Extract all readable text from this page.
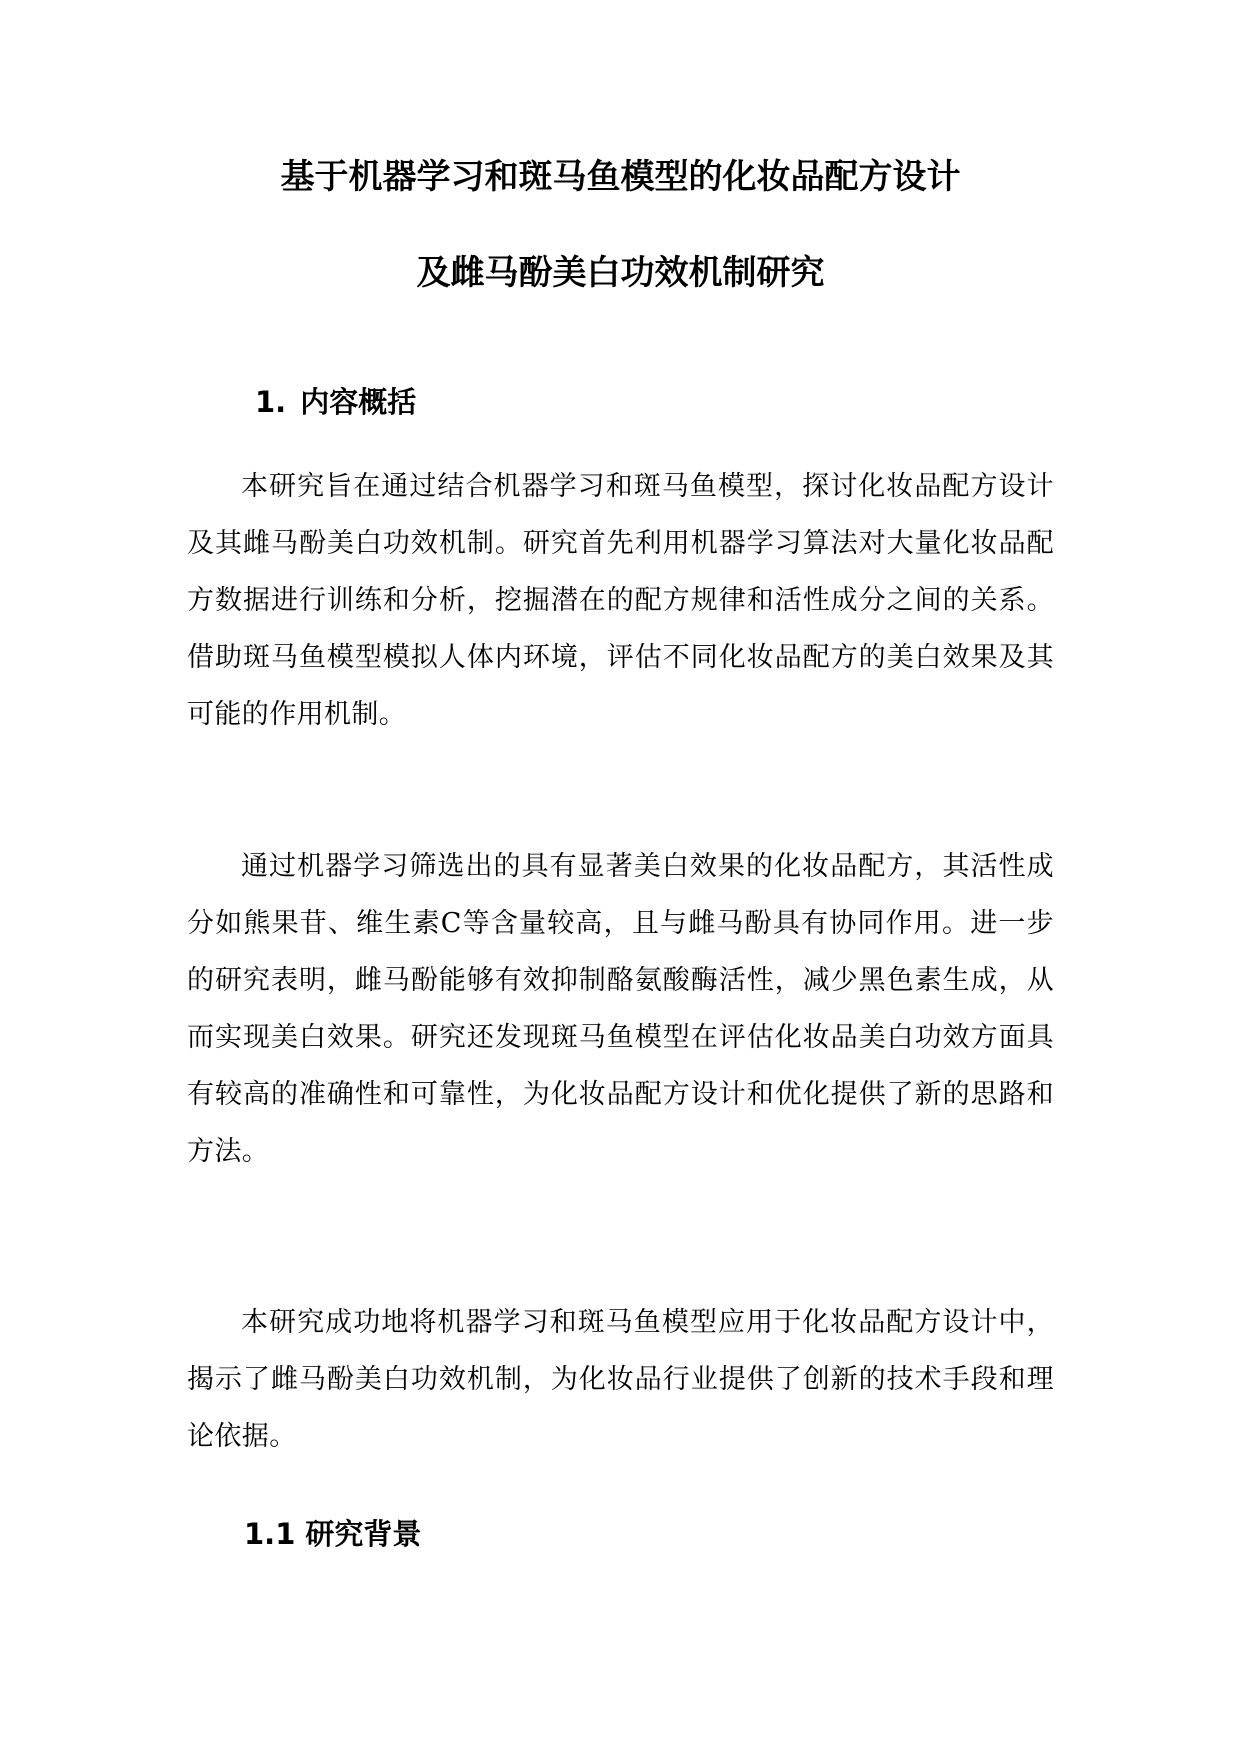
基于机器学习和斑马鱼模型的化妆品配方设计
及雌马酚美白功效机制研究
1. 内容概括

本研究旨在通过结合机器学习和斑马鱼模型，探讨化妆品配方设计及其雌马酚美白功效机制。研究首先利用机器学习算法对大量化妆品配方数据进行训练和分析，挖掘潜在的配方规律和活性成分之间的关系。借助斑马鱼模型模拟人体内环境，评估不同化妆品配方的美白效果及其可能的作用机制。

通过机器学习筛选出的具有显著美白效果的化妆品配方，其活性成分如熊果苷、维生素C等含量较高，且与雌马酚具有协同作用。进一步的研究表明，雌马酚能够有效抑制酪氨酸酶活性，减少黑色素生成，从而实现美白效果。研究还发现斑马鱼模型在评估化妆品美白功效方面具有较高的准确性和可靠性，为化妆品配方设计和优化提供了新的思路和方法。

本研究成功地将机器学习和斑马鱼模型应用于化妆品配方设计中，揭示了雌马酚美白功效机制，为化妆品行业提供了创新的技术手段和理论依据。

1.1 研究背景
